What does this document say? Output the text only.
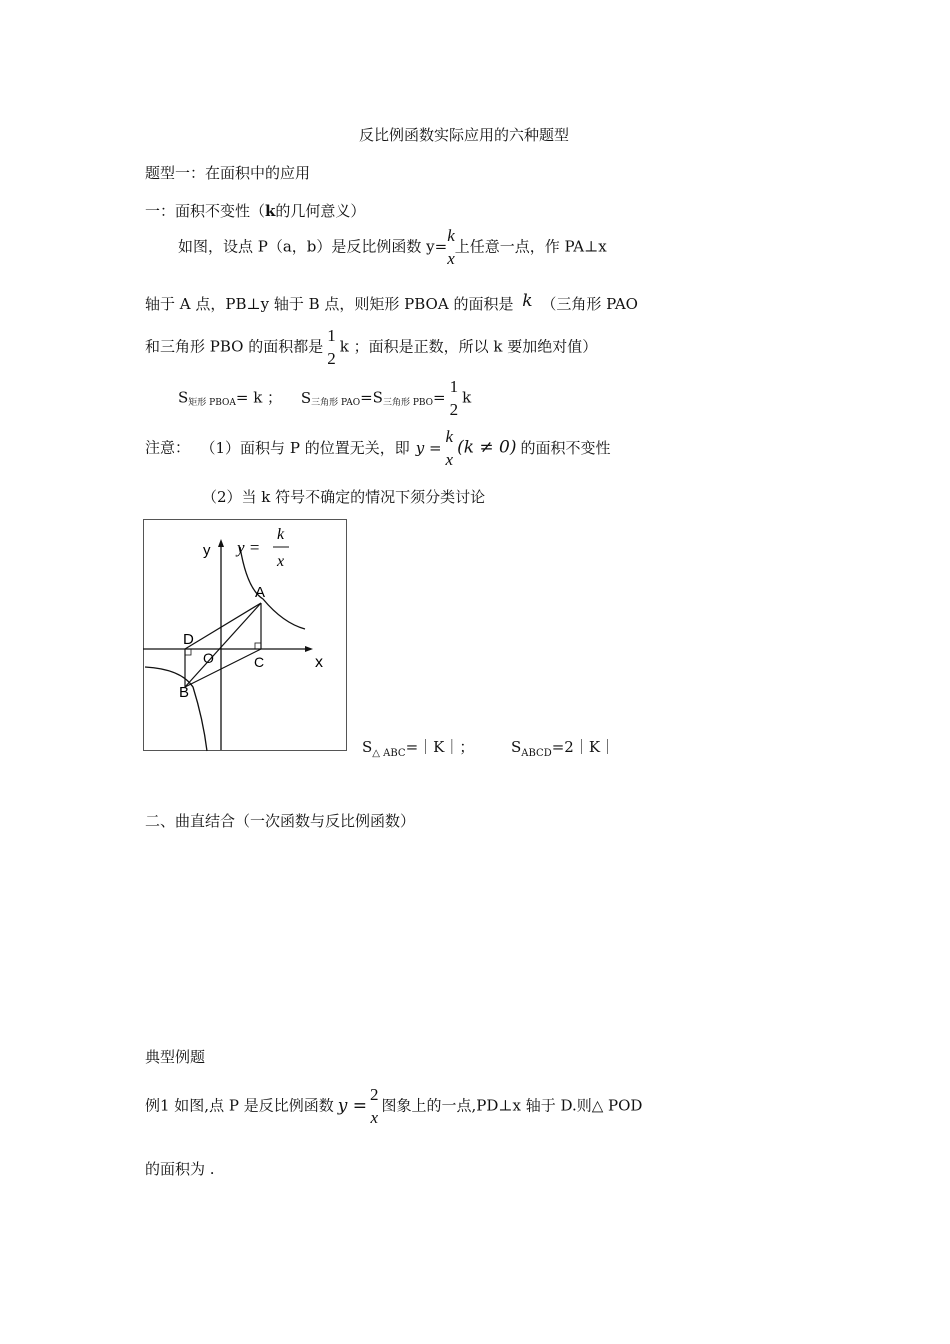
反比例函数实际应用的六种题型
题型一：在面积中的应用
一：面积不变性（k的几何意义）
如图，设点 P（a，b）是反比例函数 y=
k
x
上任意一点，作 PA⊥x
轴于 A 点，PB⊥y 轴于 B 点，则矩形 PBOA 的面积是 k （三角形 PAO
和三角形 PBO 的面积都是
1
2
k ；面积是正数，所以 k 要加绝对值）
$S_{矩形 PBOA}= k$ ； $S_{三角形 PAO}=S_{三角形 PBO}=$
1
2
k
注意： （1）面积与 P 的位置无关，即 y =
k
x
(k ≠ 0) 的面积不变性
（2）当 k 符号不确定的情况下须分类讨论
y
x
A
B
C
D
O
y =
k
x
$S_{\triangle ABC}=|K|$； $S_{ABCD}=2|K|$
二、曲直结合（一次函数与反比例函数）
典型例题
例1 如图,点 P 是反比例函数 y =
2
x
图象上的一点,PD⊥x 轴于 D.则△ POD
的面积为 .
